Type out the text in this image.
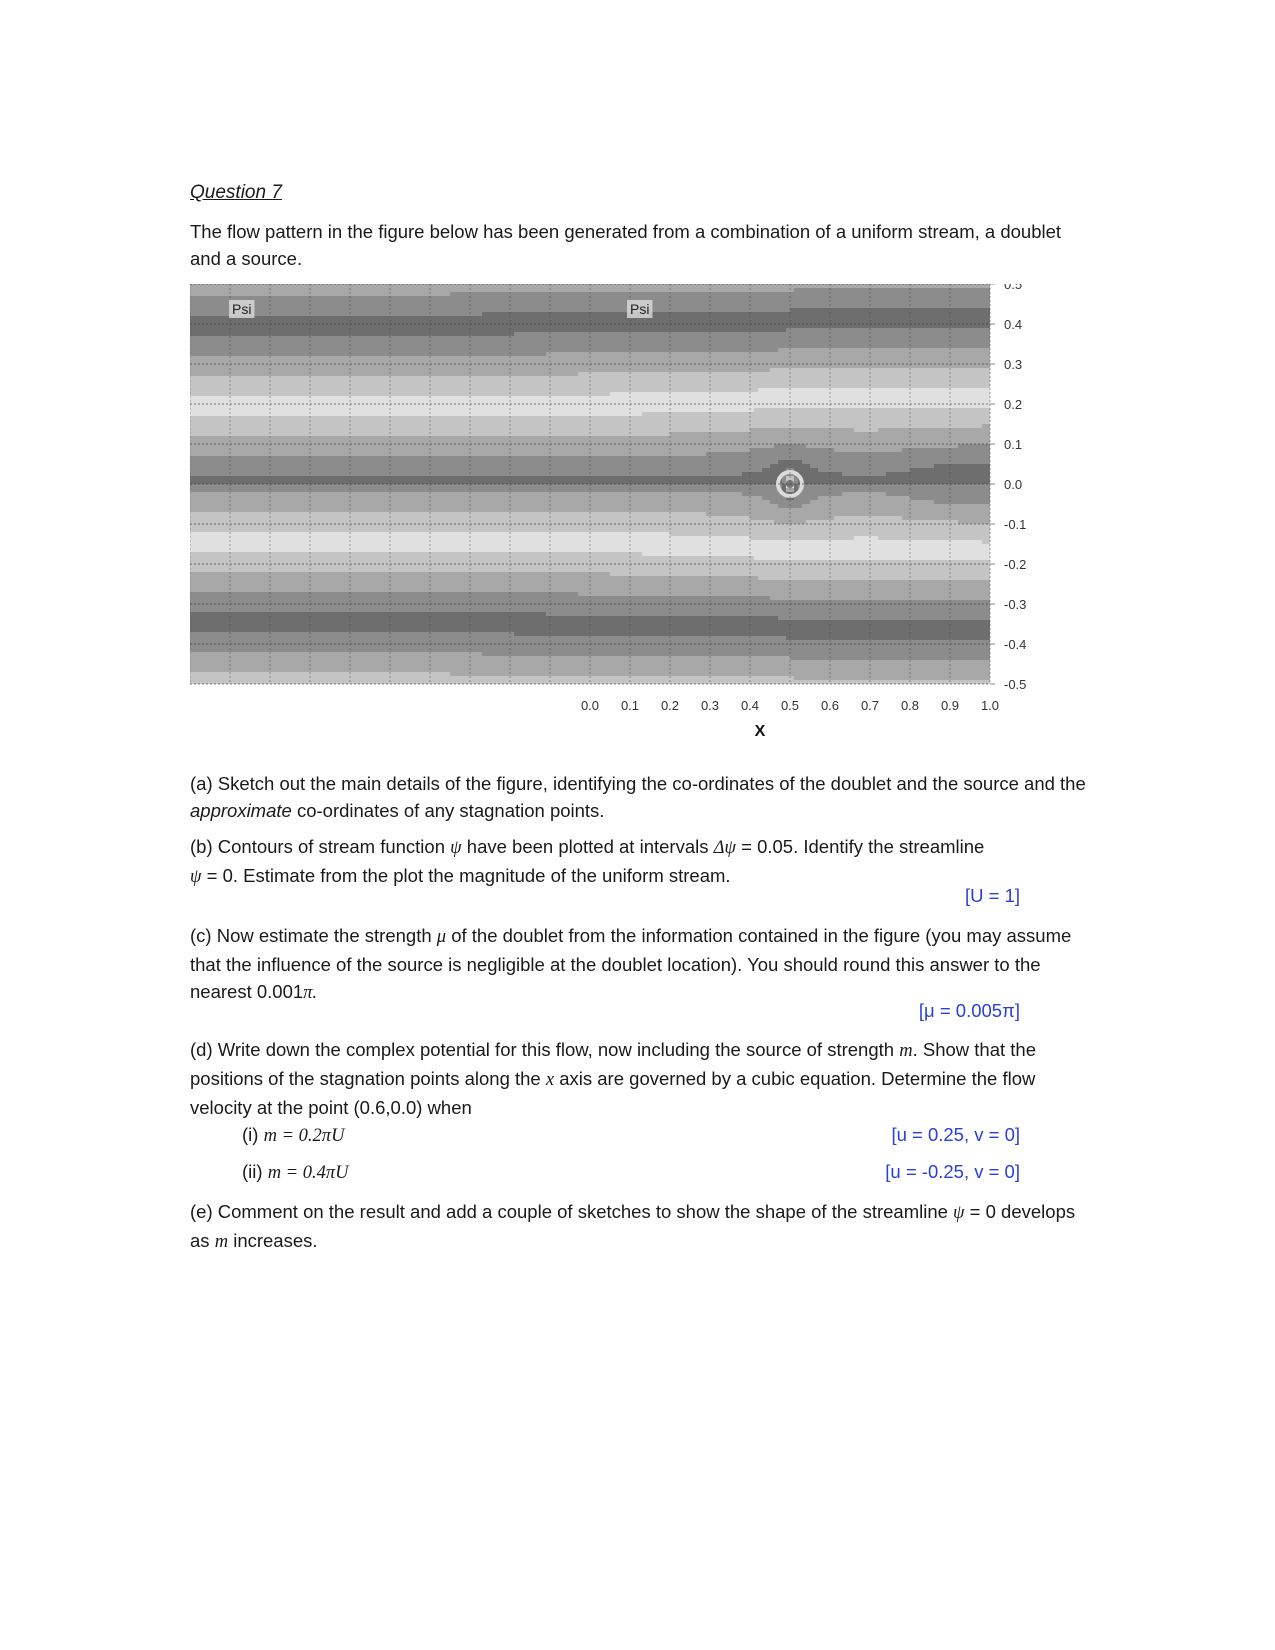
Question 7
The flow pattern in the figure below has been generated from a combination of a uniform stream, a doublet and a source.
0.5
0.4
0.3
0.2
0.1
0.0
-0.1
-0.2
-0.3
-0.4
-0.5
0.0 0.1 0.2 0.3 0.4 0.5 0.6 0.7 0.8 0.9 1.0
Psi	Psi
X
(a) Sketch out the main details of the figure, identifying the co-ordinates of the doublet and the source and the approximate co-ordinates of any stagnation points.
(b) Contours of stream function ψ have been plotted at intervals Δψ = 0.05. Identify the streamline
ψ = 0. Estimate from the plot the magnitude of the uniform stream.
[U = 1]
(c) Now estimate the strength μ of the doublet from the information contained in the figure (you may assume that the influence of the source is negligible at the doublet location). You should round this answer to the nearest 0.001π.
[μ = 0.005π]
(d) Write down the complex potential for this flow, now including the source of strength m. Show that the positions of the stagnation points along the x axis are governed by a cubic equation. Determine the flow velocity at the point (0.6,0.0) when
(i) m = 0.2πU	[u = 0.25, v = 0]
(ii) m = 0.4πU	[u = -0.25, v = 0]
(e) Comment on the result and add a couple of sketches to show the shape of the streamline ψ = 0 develops as m increases.
